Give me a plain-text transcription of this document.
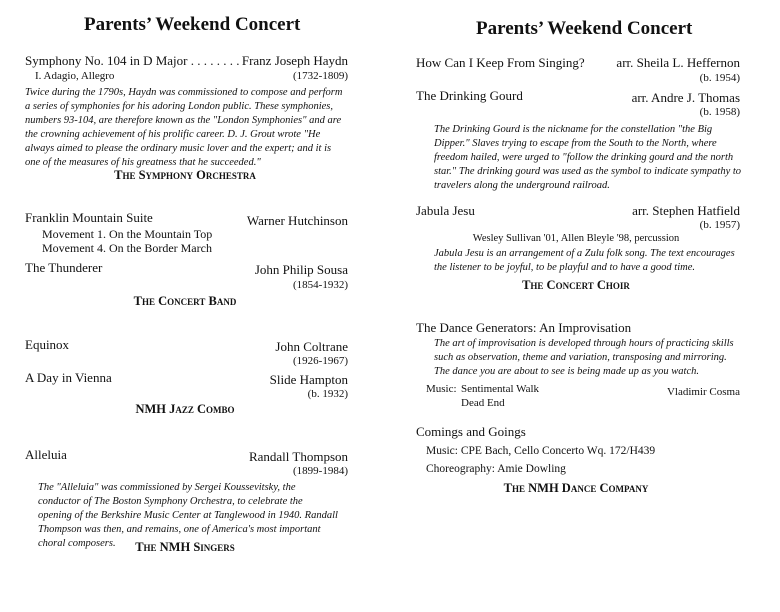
Parents’ Weekend Concert
Symphony No. 104 in D Major . . . . . . . . Franz Joseph Haydn
I. Adagio, Allegro	(1732-1809)
Twice during the 1790s, Haydn was commissioned to compose and perform a series of symphonies for his adoring London public. These symphonies, numbers 93-104, are therefore known as the "London Symphonies" and are the crowning achievement of his prolific career. D. J. Grout wrote "He always aimed to please the ordinary music lover and the expert; and it is one of the measures of his greatness that he succeeded."
The Symphony Orchestra
Franklin Mountain Suite	Warner Hutchinson
Movement 1. On the Mountain Top
Movement 4. On the Border March
The Thunderer	John Philip Sousa
(1854-1932)
The Concert Band
Equinox	John Coltrane
(1926-1967)
A Day in Vienna	Slide Hampton
(b. 1932)
NMH Jazz Combo
Alleluia	Randall Thompson
(1899-1984)
The "Alleluia" was commissioned by Sergei Koussevitsky, the conductor of The Boston Symphony Orchestra, to celebrate the opening of the Berkshire Music Center at Tanglewood in 1940. Randall Thompson was then, and remains, one of America's most important choral composers.	The NMH Singers
Parents’ Weekend Concert
How Can I Keep From Singing? arr. Sheila L. Heffernon
(b. 1954)
The Drinking Gourd	arr. Andre J. Thomas
(b. 1958)
The Drinking Gourd is the nickname for the constellation "the Big Dipper." Slaves trying to escape from the South to the North, where freedom hailed, were urged to "follow the drinking gourd and the north star." The drinking gourd was used as the symbol to indicate sympathy to travelers along the underground railroad.
Jabula Jesu	arr. Stephen Hatfield
(b. 1957)
Wesley Sullivan '01, Allen Bleyle '98, percussion
Jabula Jesu is an arrangement of a Zulu folk song. The text encourages the listener to be joyful, to be playful and to have a good time.
The Concert Choir
The Dance Generators: An Improvisation
The art of improvisation is developed through hours of practicing skills such as observation, theme and variation, transposing and mirroring. The dance you are about to see is being made up as you watch.
Music: Sentimental Walk
Dead End
Vladimir Cosma
Comings and Goings
Music: CPE Bach, Cello Concerto Wq. 172/H439
Choreography: Amie Dowling
The NMH Dance Company
